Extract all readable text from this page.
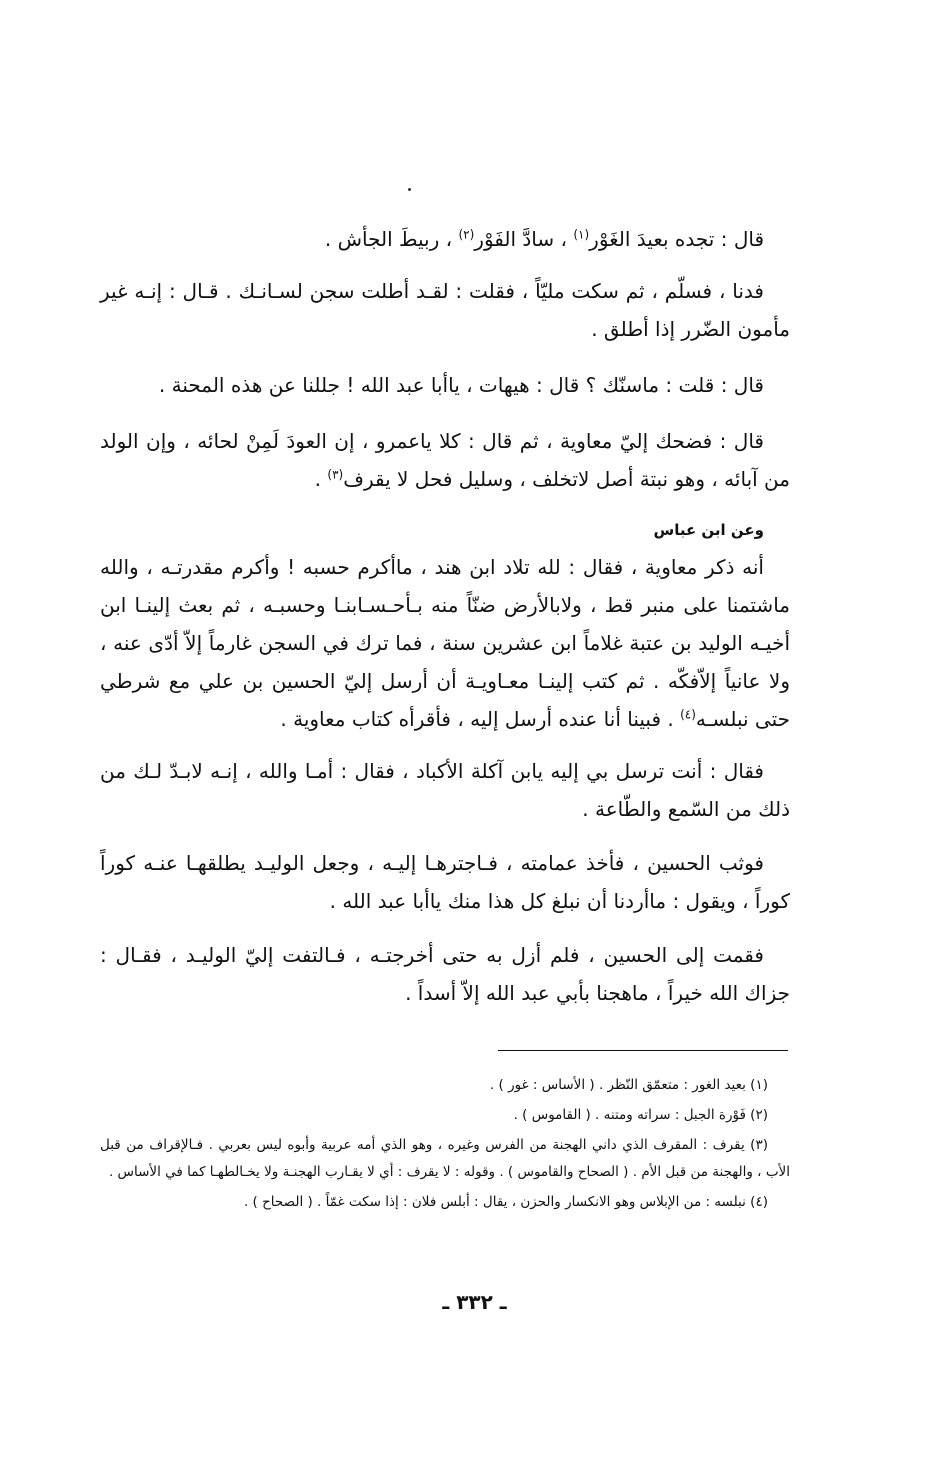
قال : تجده بعيدَ الغَوْر$^{(١)}$ ، سادَّ الفَوْر$^{(٢)}$ ، ربيطَ الجأش .

فدنا ، فسلّم ، ثم سكت مليّاً ، فقلت : لقـد أطلت سجن لسـانـك . قـال : إنـه غير مأمون الضّرر إذا أطلق .

قال : قلت : ماسنّك ؟ قال : هيهات ، ياأبا عبد الله ! جللنا عن هذه المحنة .

قال : فضحك إليّ معاوية ، ثم قال : كلا ياعمرو ، إن العودَ لَمِنْ لحائه ، وإن الولد من آبائه ، وهو نبتة أصل لاتخلف ، وسليل فحل لا يقرف$^{(٣)}$ .

وعن ابن عباس

أنه ذكر معاوية ، فقال : لله تلاد ابن هند ، ماأكرم حسبه ! وأكرم مقدرتـه ، والله ماشتمنا على منبر قط ، ولابالأرض ضنّاً منه بـأحـسـابنـا وحسبـه ، ثم بعث إلينـا ابن أخيـه الوليد بن عتبة غلاماً ابن عشرين سنة ، فما ترك في السجن غارماً إلاّ أدّى عنه ، ولا عانياً إلاّفكّه . ثم كتب إلينـا معـاويـة أن أرسل إليّ الحسين بن علي مع شرطي حتى نبلسـه$^{(٤)}$ . فبينا أنا عنده أرسل إليه ، فأقرأه كتاب معاوية .

فقال : أنت ترسل بي إليه يابن آكلة الأكباد ، فقال : أمـا والله ، إنـه لابـدّ لـك من ذلك من السّمع والطّاعة .

فوثب الحسين ، فأخذ عمامته ، فـاجترهـا إليـه ، وجعل الوليـد يطلقهـا عنـه كوراً كوراً ، ويقول : ماأردنا أن نبلغ كل هذا منك ياأبا عبد الله .

فقمت إلى الحسين ، فلم أزل به حتى أخرجتـه ، فـالتفت إليّ الوليـد ، فقـال : جزاك الله خيراً ، ماهجنا بأبي عبد الله إلاّ أسداً .

(١) بعيد الغور : متعمّق النّظر . ( الأساس : غور ) .

(٢) فَوْرة الجبل : سراته ومتنه . ( القاموس ) .

(٣) يقرف : المقرف الذي داني الهجنة من الفرس وغيره ، وهو الذي أمه عربية وأبوه ليس بعربي . فـالإقراف من قبل الأب ، والهجنة من قبل الأم . ( الصحاح والقاموس ) . وقوله : لا يقرف : أي لا يقـارب الهجنـة ولا يخـالطهـا كما في الأساس .

(٤) نبلسه : من الإبلاس وهو الانكسار والحزن ، يقال : أبلس فلان : إذا سكت غمّاً . ( الصحاح ) .

ـ ٣٣٢ ـ
